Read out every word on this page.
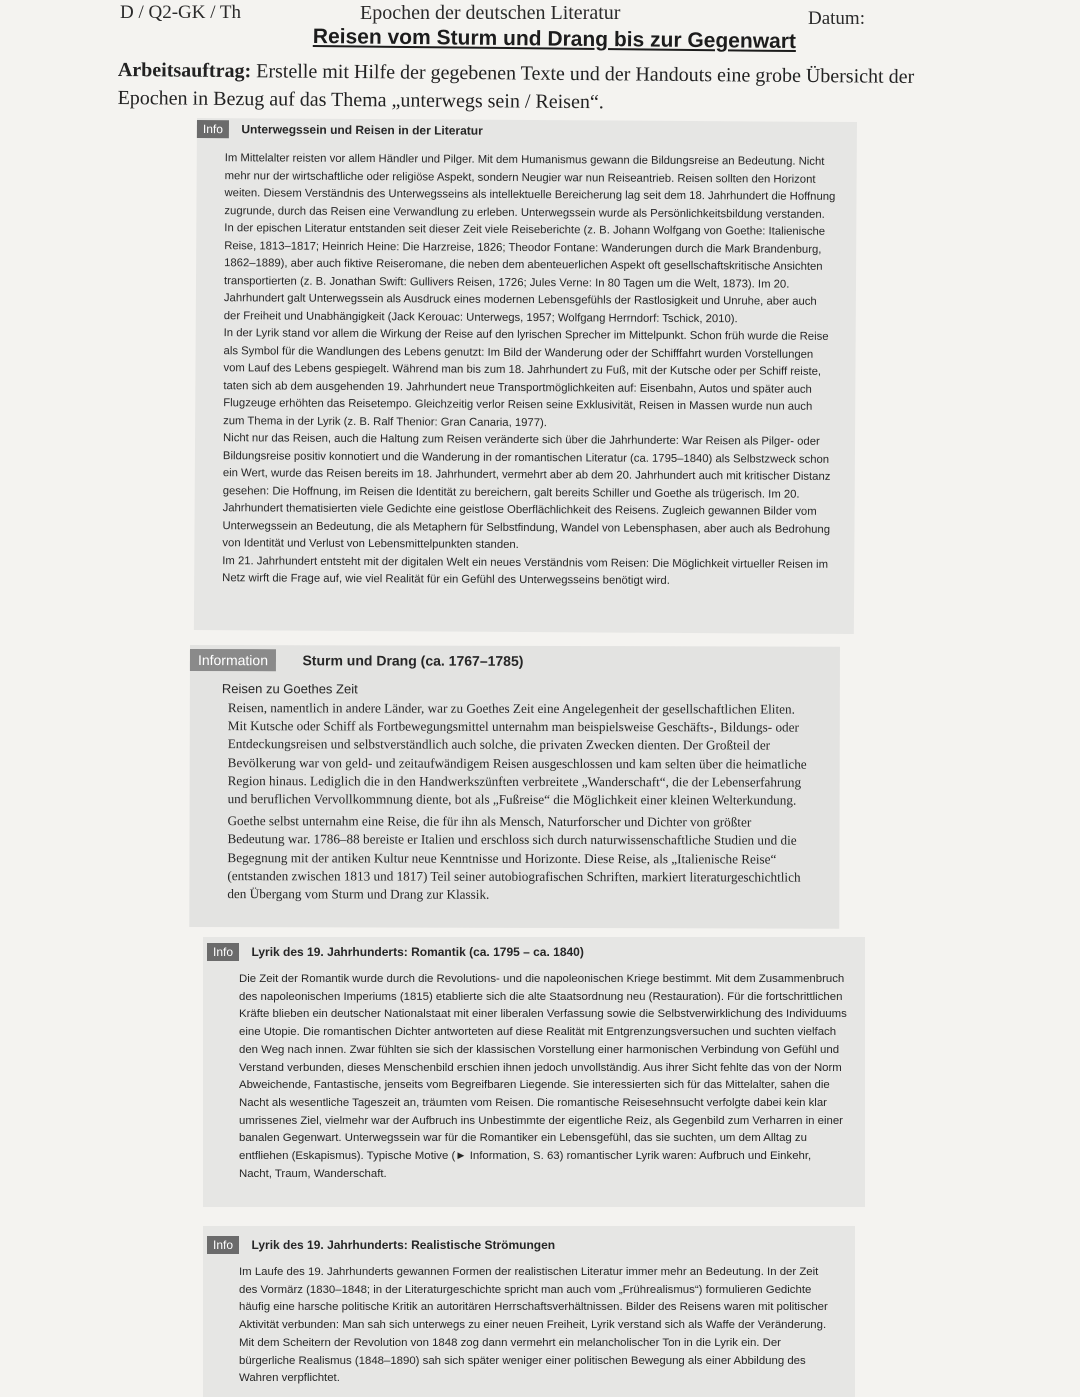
D / Q2-GK / Th	Epochen der deutschen Literatur	Datum:
Reisen vom Sturm und Drang bis zur Gegenwart
Arbeitsauftrag: Erstelle mit Hilfe der gegebenen Texte und der Handouts eine grobe Übersicht der Epochen in Bezug auf das Thema „unterwegs sein / Reisen“.
Info Unterwegssein und Reisen in der Literatur

Im Mittelalter reisten vor allem Händler und Pilger. Mit dem Humanismus gewann die Bildungsreise an Bedeutung. Nicht mehr nur der wirtschaftliche oder religiöse Aspekt, sondern Neugier war nun Reiseantrieb. Reisen sollten den Horizont weiten. Diesem Verständnis des Unterwegsseins als intellektuelle Bereicherung lag seit dem 18. Jahrhundert die Hoffnung zugrunde, durch das Reisen eine Verwandlung zu erleben. Unterwegssein wurde als Persönlichkeitsbildung verstanden.

In der epischen Literatur entstanden seit dieser Zeit viele Reiseberichte (z. B. Johann Wolfgang von Goethe: Italienische Reise, 1813–1817; Heinrich Heine: Die Harzreise, 1826; Theodor Fontane: Wanderungen durch die Mark Brandenburg, 1862–1889), aber auch fiktive Reiseromane, die neben dem abenteuerlichen Aspekt oft gesellschaftskritische Ansichten transportierten (z. B. Jonathan Swift: Gullivers Reisen, 1726; Jules Verne: In 80 Tagen um die Welt, 1873). Im 20. Jahrhundert galt Unterwegssein als Ausdruck eines modernen Lebensgefühls der Rastlosigkeit und Unruhe, aber auch der Freiheit und Unabhängigkeit (Jack Kerouac: Unterwegs, 1957; Wolfgang Herrndorf: Tschick, 2010).

In der Lyrik stand vor allem die Wirkung der Reise auf den lyrischen Sprecher im Mittelpunkt. Schon früh wurde die Reise als Symbol für die Wandlungen des Lebens genutzt: Im Bild der Wanderung oder der Schifffahrt wurden Vorstellungen vom Lauf des Lebens gespiegelt. Während man bis zum 18. Jahrhundert zu Fuß, mit der Kutsche oder per Schiff reiste, taten sich ab dem ausgehenden 19. Jahrhundert neue Transportmöglichkeiten auf: Eisenbahn, Autos und später auch Flugzeuge erhöhten das Reisetempo. Gleichzeitig verlor Reisen seine Exklusivität, Reisen in Massen wurde nun auch zum Thema in der Lyrik (z. B. Ralf Thenior: Gran Canaria, 1977).

Nicht nur das Reisen, auch die Haltung zum Reisen veränderte sich über die Jahrhunderte: War Reisen als Pilger- oder Bildungsreise positiv konnotiert und die Wanderung in der romantischen Literatur (ca. 1795–1840) als Selbstzweck schon ein Wert, wurde das Reisen bereits im 18. Jahrhundert, vermehrt aber ab dem 20. Jahrhundert auch mit kritischer Distanz gesehen: Die Hoffnung, im Reisen die Identität zu bereichern, galt bereits Schiller und Goethe als trügerisch. Im 20. Jahrhundert thematisierten viele Gedichte eine geistlose Oberflächlichkeit des Reisens. Zugleich gewannen Bilder vom Unterwegssein an Bedeutung, die als Metaphern für Selbstfindung, Wandel von Lebensphasen, aber auch als Bedrohung von Identität und Verlust von Lebensmittelpunkten standen.

Im 21. Jahrhundert entsteht mit der digitalen Welt ein neues Verständnis vom Reisen: Die Möglichkeit virtueller Reisen im Netz wirft die Frage auf, wie viel Realität für ein Gefühl des Unterwegsseins benötigt wird.

Information Sturm und Drang (ca. 1767–1785)
Reisen zu Goethes Zeit

Reisen, namentlich in andere Länder, war zu Goethes Zeit eine Angelegenheit der gesellschaftlichen Eliten. Mit Kutsche oder Schiff als Fortbewegungsmittel unternahm man beispielsweise Geschäfts-, Bildungs- oder Entdeckungsreisen und selbstverständlich auch solche, die privaten Zwecken dienten. Der Großteil der Bevölkerung war von geld- und zeitaufwändigem Reisen ausgeschlossen und kam selten über die heimatliche Region hinaus. Lediglich die in den Handwerkszünften verbreitete „Wanderschaft“, die der Lebenserfahrung und beruflichen Vervollkommnung diente, bot als „Fußreise“ die Möglichkeit einer kleinen Welterkundung.

Goethe selbst unternahm eine Reise, die für ihn als Mensch, Naturforscher und Dichter von größter Bedeutung war. 1786–88 bereiste er Italien und erschloss sich durch naturwissenschaftliche Studien und die Begegnung mit der antiken Kultur neue Kenntnisse und Horizonte. Diese Reise, als „Italienische Reise“ (entstanden zwischen 1813 und 1817) Teil seiner autobiografischen Schriften, markiert literaturgeschichtlich den Übergang vom Sturm und Drang zur Klassik.

Info Lyrik des 19. Jahrhunderts: Romantik (ca. 1795 – ca. 1840)

Die Zeit der Romantik wurde durch die Revolutions- und die napoleonischen Kriege bestimmt. Mit dem Zusammenbruch des napoleonischen Imperiums (1815) etablierte sich die alte Staatsordnung neu (Restauration). Für die fortschrittlichen Kräfte blieben ein deutscher Nationalstaat mit einer liberalen Verfassung sowie die Selbstverwirklichung des Individuums eine Utopie. Die romantischen Dichter antworteten auf diese Realität mit Entgrenzungsversuchen und suchten vielfach den Weg nach innen. Zwar fühlten sie sich der klassischen Vorstellung einer harmonischen Verbindung von Gefühl und Verstand verbunden, dieses Menschenbild erschien ihnen jedoch unvollständig. Aus ihrer Sicht fehlte das von der Norm Abweichende, Fantastische, jenseits vom Begreifbaren Liegende. Sie interessierten sich für das Mittelalter, sahen die Nacht als wesentliche Tageszeit an, träumten vom Reisen. Die romantische Reisesehnsucht verfolgte dabei kein klar umrissenes Ziel, vielmehr war der Aufbruch ins Unbestimmte der eigentliche Reiz, als Gegenbild zum Verharren in einer banalen Gegenwart. Unterwegssein war für die Romantiker ein Lebensgefühl, das sie suchten, um dem Alltag zu entfliehen (Eskapismus). Typische Motive (► Information, S. 63) romantischer Lyrik waren: Aufbruch und Einkehr, Nacht, Traum, Wanderschaft.

Info Lyrik des 19. Jahrhunderts: Realistische Strömungen

Im Laufe des 19. Jahrhunderts gewannen Formen der realistischen Literatur immer mehr an Bedeutung. In der Zeit des Vormärz (1830–1848; in der Literaturgeschichte spricht man auch vom „Frührealismus“) formulieren Gedichte häufig eine harsche politische Kritik an autoritären Herrschaftsverhältnissen. Bilder des Reisens waren mit politischer Aktivität verbunden: Man sah sich unterwegs zu einer neuen Freiheit, Lyrik verstand sich als Waffe der Veränderung. Mit dem Scheitern der Revolution von 1848 zog dann vermehrt ein melancholischer Ton in die Lyrik ein. Der bürgerliche Realismus (1848–1890) sah sich später weniger einer politischen Bewegung als einer Abbildung des Wahren verpflichtet.
